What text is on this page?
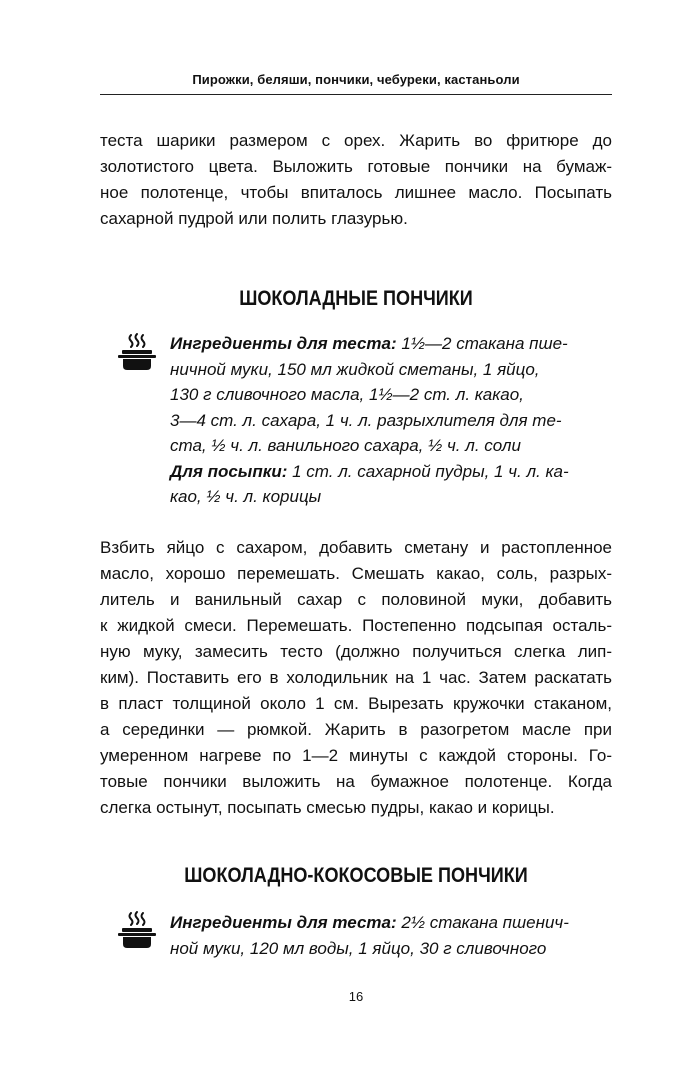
Пирожки, беляши, пончики, чебуреки, кастаньоли
теста шарики размером с орех. Жарить во фритюре до
золотистого цвета. Выложить готовые пончики на бумаж-
ное полотенце, чтобы впиталось лишнее масло. Посыпать
сахарной пудрой или полить глазурью.
ШОКОЛАДНЫЕ ПОНЧИКИ
Ингредиенты для теста: 1½—2 стакана пше-
ничной муки, 150 мл жидкой сметаны, 1 яйцо,
130 г сливочного масла, 1½—2 ст. л. какао,
3—4 ст. л. сахара, 1 ч. л. разрыхлителя для те-
ста, ½ ч. л. ванильного сахара, ½ ч. л. соли
Для посыпки: 1 ст. л. сахарной пудры, 1 ч. л. ка-
као, ½ ч. л. корицы
Взбить яйцо с сахаром, добавить сметану и растопленное
масло, хорошо перемешать. Смешать какао, соль, разрых-
литель и ванильный сахар с половиной муки, добавить
к жидкой смеси. Перемешать. Постепенно подсыпая осталь-
ную муку, замесить тесто (должно получиться слегка лип-
ким). Поставить его в холодильник на 1 час. Затем раскатать
в пласт толщиной около 1 см. Вырезать кружочки стаканом,
а серединки — рюмкой. Жарить в разогретом масле при
умеренном нагреве по 1—2 минуты с каждой стороны. Го-
товые пончики выложить на бумажное полотенце. Когда
слегка остынут, посыпать смесью пудры, какао и корицы.
ШОКОЛАДНО-КОКОСОВЫЕ ПОНЧИКИ
Ингредиенты для теста: 2½ стакана пшенич-
ной муки, 120 мл воды, 1 яйцо, 30 г сливочного
16
